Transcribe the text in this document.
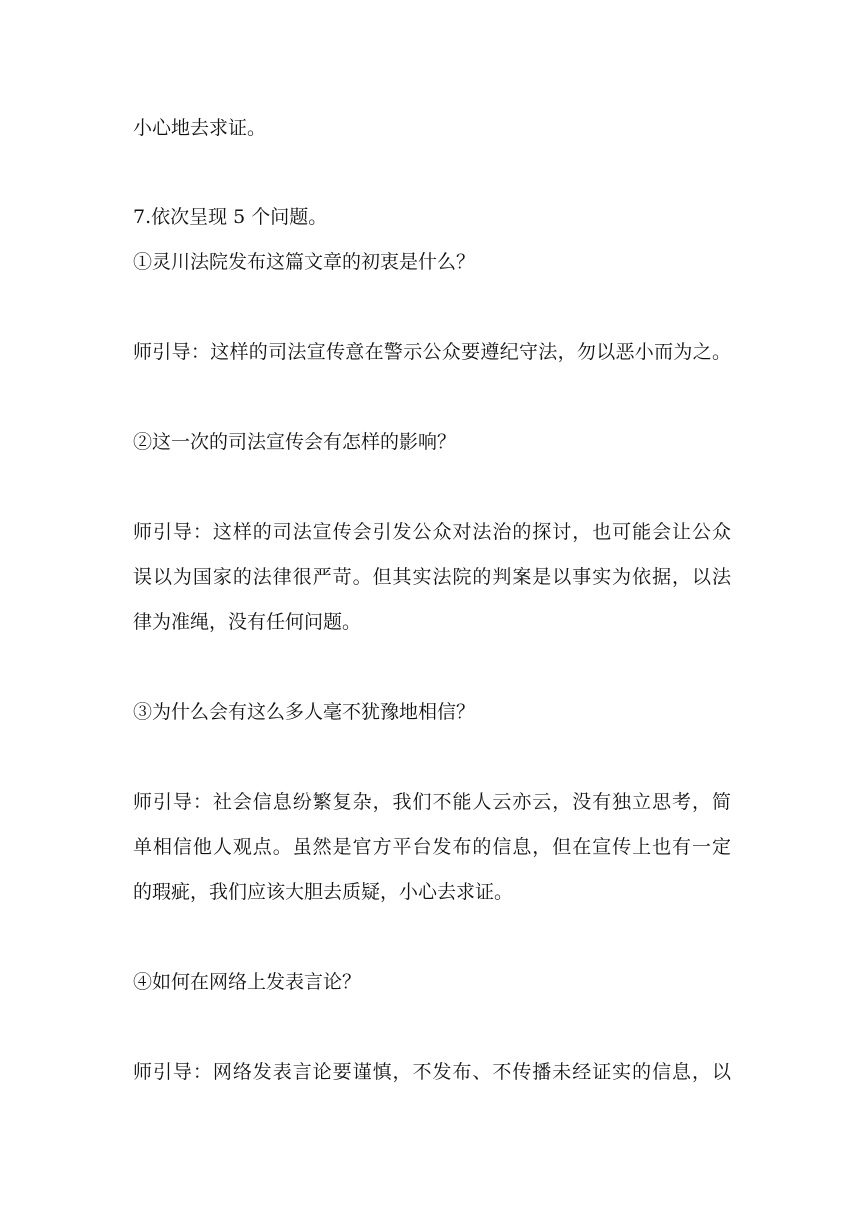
小心地去求证。
7.依次呈现 5 个问题。
①灵川法院发布这篇文章的初衷是什么？
师引导：这样的司法宣传意在警示公众要遵纪守法，勿以恶小而为之。
②这一次的司法宣传会有怎样的影响？
师引导：这样的司法宣传会引发公众对法治的探讨，也可能会让公众
误以为国家的法律很严苛。但其实法院的判案是以事实为依据，以法
律为准绳，没有任何问题。
③为什么会有这么多人毫不犹豫地相信？
师引导：社会信息纷繁复杂，我们不能人云亦云，没有独立思考，简
单相信他人观点。虽然是官方平台发布的信息，但在宣传上也有一定
的瑕疵，我们应该大胆去质疑，小心去求证。
④如何在网络上发表言论？
师引导：网络发表言论要谨慎，不发布、不传播未经证实的信息，以
